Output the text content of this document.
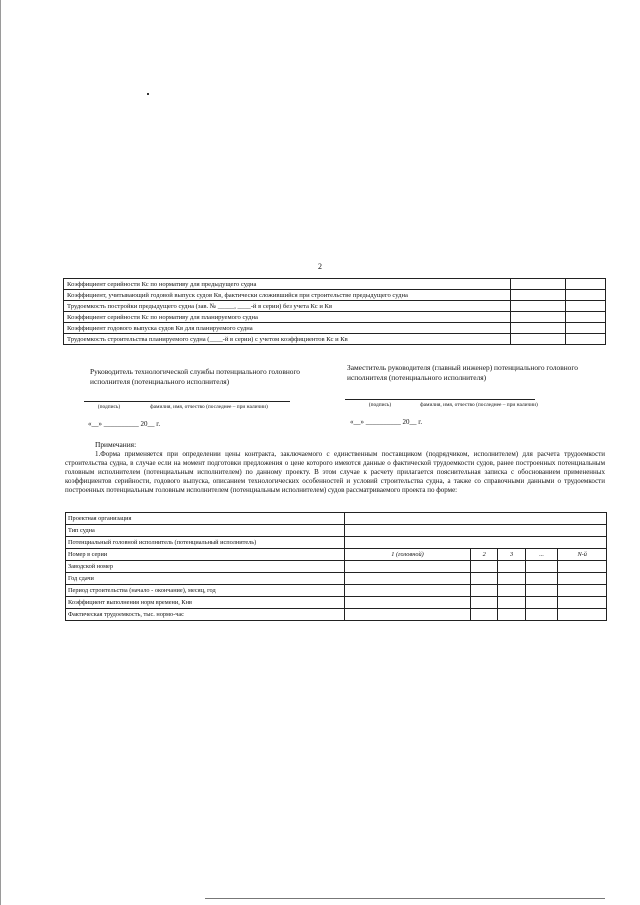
2
Коэффициент серийности Кс по нормативу для предыдущего судна		
Коэффициент, учитывающий годовой выпуск судов Кв, фактически сложившийся при строительстве предыдущего судна		
Трудоемкость постройки предыдущего судна (зав. № _____, ____-й в серии) без учета Кс и Кв		
Коэффициент серийности Кс по нормативу для планируемого судна		
Коэффициент годового выпуска судов Кв для планируемого судна		
Трудоемкость строительства планируемого судна (____-й в серии) с учетом коэффициентов Кс и Кв		
Руководитель технологической службы потенциального головного исполнителя (потенциального исполнителя)
(подпись)	фамилия, имя, отчество (последнее – при наличии)
«__» __________ 20__ г.
Заместитель руководителя (главный инженер) потенциального головного исполнителя (потенциального исполнителя)
(подпись)	фамилия, имя, отчество (последнее – при наличии)
«__» __________ 20__ г.
Примечания:
1.Форма применяется при определении цены контракта, заключаемого с единственным поставщиком (подрядчиком, исполнителем) для расчета трудоемкости строительства судна, в случае если на момент подготовки предложения о цене которого имеются данные о фактической трудоемкости судов, ранее построенных потенциальным головным исполнителем (потенциальным исполнителем) по данному проекту. В этом случае к расчету прилагается пояснительная записка с обоснованием примененных коэффициентов серийности, годового выпуска, описанием технологических особенностей и условий строительства судна, а также со справочными данными о трудоемкости построенных потенциальным головным исполнителем (потенциальным исполнителем) судов рассматриваемого проекта по форме:
Проектная организация					
Тип судна					
Потенциальный головной исполнитель (потенциальный исполнитель)					
Номер в серии	1 (головной)	2	3	...	N-й
Заводской номер					
Год сдачи					
Период строительства (начало - окончание), месяц, год					
Коэффициент выполнения норм времени, Кнв					
Фактическая трудоемкость, тыс. нормо-час					
